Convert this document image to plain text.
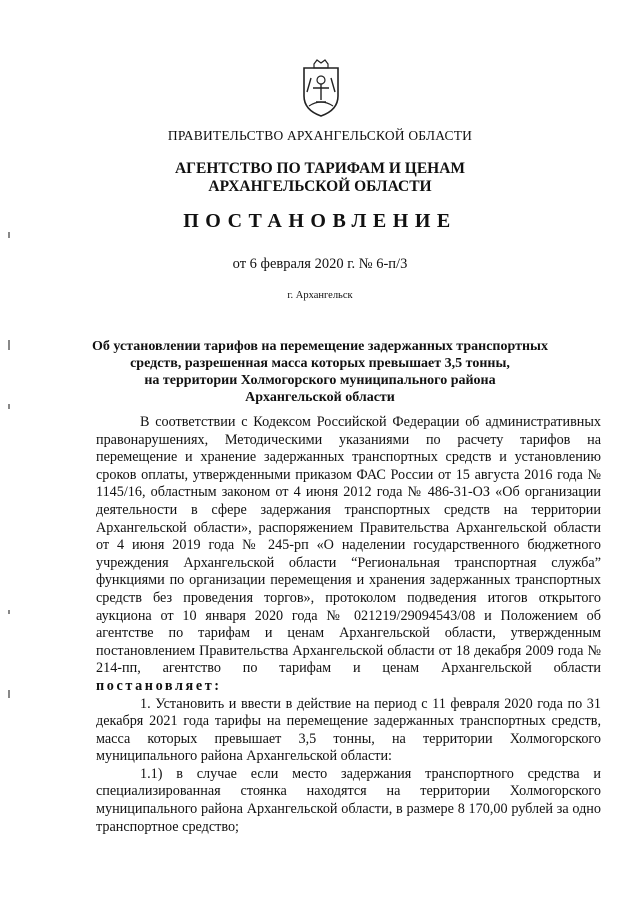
ПРАВИТЕЛЬСТВО АРХАНГЕЛЬСКОЙ ОБЛАСТИ
АГЕНТСТВО ПО ТАРИФАМ И ЦЕНАМ
АРХАНГЕЛЬСКОЙ ОБЛАСТИ
ПОСТАНОВЛЕНИЕ
от 6 февраля 2020 г. № 6-п/3
г. Архангельск
Об установлении тарифов на перемещение задержанных транспортных
средств, разрешенная масса которых превышает 3,5 тонны,
на территории Холмогорского муниципального района
Архангельской области

В соответствии с Кодексом Российской Федерации об административных правонарушениях, Методическими указаниями по расчету тарифов на перемещение и хранение задержанных транспортных средств и установлению сроков оплаты, утвержденными приказом ФАС России от 15 августа 2016 года № 1145/16, областным законом от 4 июня 2012 года № 486-31-ОЗ «Об организации деятельности в сфере задержания транспортных средств на территории Архангельской области», распоряжением Правительства Архангельской области от 4 июня 2019 года № 245-рп «О наделении государственного бюджетного учреждения Архангельской области “Региональная транспортная служба” функциями по организации перемещения и хранения задержанных транспортных средств без проведения торгов», протоколом подведения итогов открытого аукциона от 10 января 2020 года № 021219/29094543/08 и Положением об агентстве по тарифам и ценам Архангельской области, утвержденным постановлением Правительства Архангельской области от 18 декабря 2009 года № 214-пп, агентство по тарифам и ценам Архангельской области постановляет:

1. Установить и ввести в действие на период с 11 февраля 2020 года по 31 декабря 2021 года тарифы на перемещение задержанных транспортных средств, масса которых превышает 3,5 тонны, на территории Холмогорского муниципального района Архангельской области:

1.1) в случае если место задержания транспортного средства и специализированная стоянка находятся на территории Холмогорского муниципального района Архангельской области, в размере 8 170,00 рублей за одно транспортное средство;
